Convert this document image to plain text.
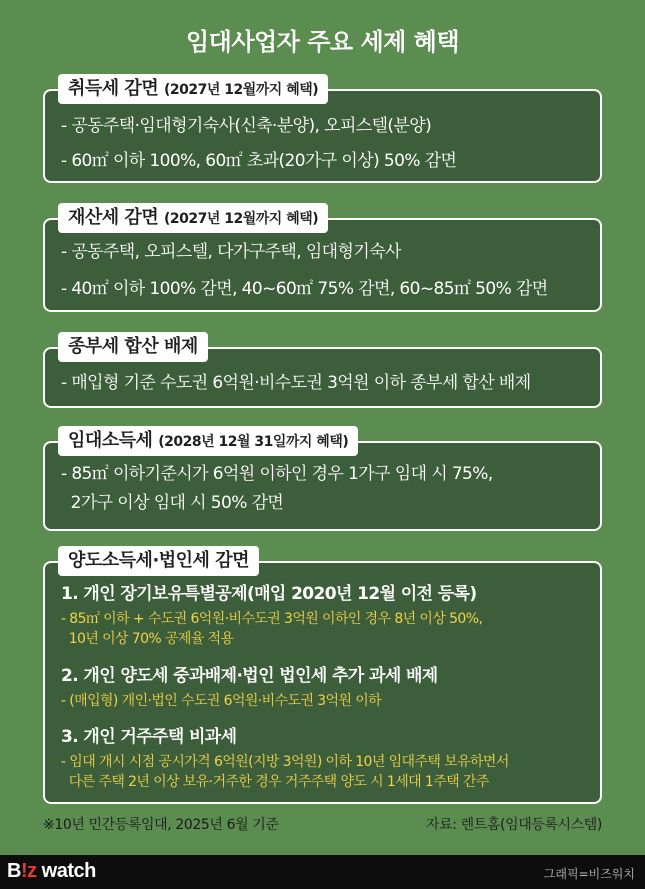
임대사업자 주요 세제 혜택
취득세 감면 (2027년 12월까지 혜택)
- 공동주택·임대형기숙사(신축·분양), 오피스텔(분양)
- 60㎡ 이하 100%, 60㎡ 초과(20가구 이상) 50% 감면
재산세 감면 (2027년 12월까지 혜택)
- 공동주택, 오피스텔, 다가구주택, 임대형기숙사
- 40㎡ 이하 100% 감면, 40~60㎡ 75% 감면, 60~85㎡ 50% 감면
종부세 합산 배제
- 매입형 기준 수도권 6억원·비수도권 3억원 이하 종부세 합산 배제
임대소득세 (2028년 12월 31일까지 혜택)
- 85㎡ 이하기준시가 6억원 이하인 경우 1가구 임대 시 75%,
2가구 이상 임대 시 50% 감면
양도소득세·법인세 감면
1. 개인 장기보유특별공제(매입 2020년 12월 이전 등록)
- 85㎡ 이하 + 수도권 6억원·비수도권 3억원 이하인 경우 8년 이상 50%,
10년 이상 70% 공제율 적용
2. 개인 양도세 중과배제·법인 법인세 추가 과세 배제
- (매입형) 개인·법인 수도권 6억원·비수도권 3억원 이하
3. 개인 거주주택 비과세
- 임대 개시 시점 공시가격 6억원(지방 3억원) 이하 10년 임대주택 보유하면서
다른 주택 2년 이상 보유·거주한 경우 거주주택 양도 시 1세대 1주택 간주
※10년 민간등록임대, 2025년 6월 기준	자료: 렌트홈(임대등록시스템)
B!z watch	그래픽=비즈워치
